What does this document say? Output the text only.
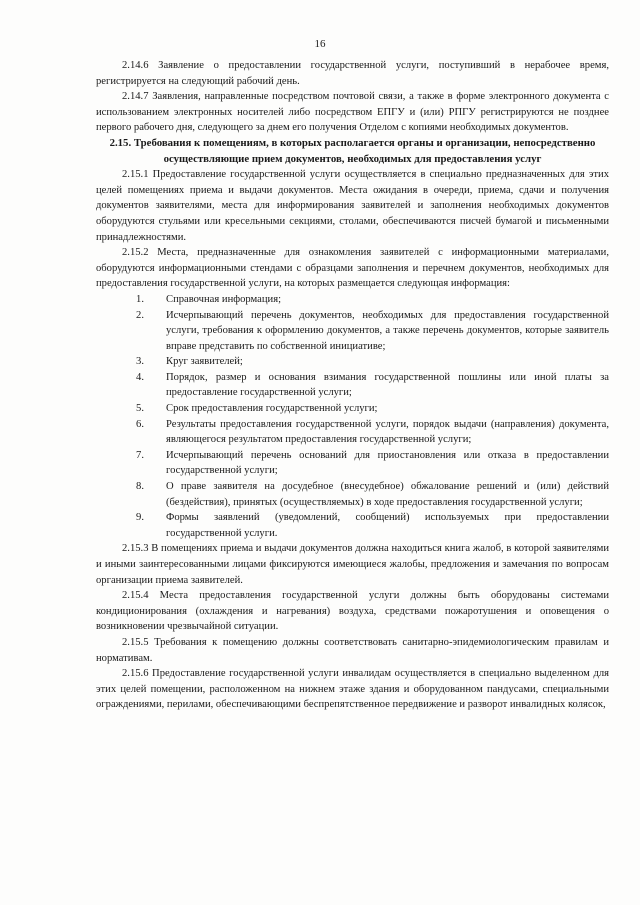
16

2.14.6 Заявление о предоставлении государственной услуги, поступивший в нерабочее время, регистрируется на следующий рабочий день.

2.14.7 Заявления, направленные посредством почтовой связи, а также в форме электронного документа с использованием электронных носителей либо посредством ЕПГУ и (или) РПГУ регистрируются не позднее первого рабочего дня, следующего за днем его получения Отделом с копиями необходимых документов.

2.15. Требования к помещениям, в которых располагается органы и организации, непосредственно осуществляющие прием документов, необходимых для предоставления услуг

2.15.1 Предоставление государственной услуги осуществляется в специально предназначенных для этих целей помещениях приема и выдачи документов. Места ожидания в очереди, приема, сдачи и получения документов заявителями, места для информирования заявителей и заполнения необходимых документов оборудуются стульями или кресельными секциями, столами, обеспечиваются писчей бумагой и письменными принадлежностями.

2.15.2 Места, предназначенные для ознакомления заявителей с информационными материалами, оборудуются информационными стендами с образцами заполнения и перечнем документов, необходимых для предоставления государственной услуги, на которых размещается следующая информация:

1.	Справочная информация;
2.	Исчерпывающий перечень документов, необходимых для предоставления государственной услуги, требования к оформлению документов, а также перечень документов, которые заявитель вправе представить по собственной инициативе;
3.	Круг заявителей;
4.	Порядок, размер и основания взимания государственной пошлины или иной платы за предоставление государственной услуги;
5.	Срок предоставления государственной услуги;
6.	Результаты предоставления государственной услуги, порядок выдачи (направления) документа, являющегося результатом предоставления государственной услуги;
7.	Исчерпывающий перечень оснований для приостановления или отказа в предоставлении государственной услуги;
8.	О праве заявителя на досудебное (внесудебное) обжалование решений и (или) действий (бездействия), принятых (осуществляемых) в ходе предоставления государственной услуги;
9.	Формы заявлений (уведомлений, сообщений) используемых при предоставлении государственной услуги.

2.15.3 В помещениях приема и выдачи документов должна находиться книга жалоб, в которой заявителями и иными заинтересованными лицами фиксируются имеющиеся жалобы, предложения и замечания по вопросам организации приема заявителей.

2.15.4 Места предоставления государственной услуги должны быть оборудованы системами кондиционирования (охлаждения и нагревания) воздуха, средствами пожаротушения и оповещения о возникновении чрезвычайной ситуации.

2.15.5 Требования к помещению должны соответствовать санитарно-эпидемиологическим правилам и нормативам.

2.15.6 Предоставление государственной услуги инвалидам осуществляется в специально выделенном для этих целей помещении, расположенном на нижнем этаже здания и оборудованном пандусами, специальными ограждениями, перилами, обеспечивающими беспрепятственное передвижение и разворот инвалидных колясок,
